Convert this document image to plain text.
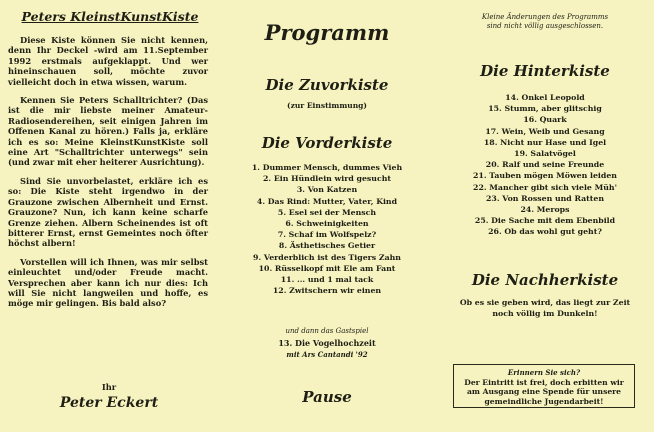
Peters KleinstKunstKiste

Diese Kiste können Sie nicht kennen, denn Ihr Deckel -wird am 11.September 1992 erstmals aufgeklappt. Und wer hineinschauen soll, möchte zuvor vielleicht doch in etwa wissen, warum.

Kennen Sie Peters Schalltrichter? (Das ist die mir liebste meiner Amateur-Radiosendereihen, seit einigen Jahren im Offenen Kanal zu hören.) Falls ja, erkläre ich es so: Meine KleinstKunstKiste soll eine Art "Schalltrichter unterwegs" sein (und zwar mit eher heiterer Ausrichtung).

Sind Sie unvorbelastet, erkläre ich es so: Die Kiste steht irgendwo in der Grauzone zwischen Albernheit und Ernst. Grauzone? Nun, ich kann keine scharfe Grenze ziehen. Albern Scheinendes ist oft bitterer Ernst, ernst Gemeintes noch öfter höchst albern!

Vorstellen will ich Ihnen, was mir selbst einleuchtet und/oder Freude macht. Versprechen aber kann ich nur dies: Ich will Sie nicht langweilen und hoffe, es möge mir gelingen. Bis bald also?

Ihr
Peter Eckert
Programm
Die Zuvorkiste
(zur Einstimmung)
Die Vorderkiste
1. Dummer Mensch, dummes Vieh
2. Ein Hündlein wird gesucht
3. Von Katzen
4. Das Rind: Mutter, Vater, Kind
5. Esel sei der Mensch
6. Schweinigkeiten
7. Schaf im Wolfspelz?
8. Ästhetisches Getier
9. Verderblich ist des Tigers Zahn
10. Rüsselkopf mit Ele am Fant
11. ... und 1 mal tack
12. Zwitschern wir einen
und dann das Gastspiel
13. Die Vogelhochzeit
mit Ars Cantandi '92
Pause
Kleine Änderungen des Programms
sind nicht völlig ausgeschlossen.
Die Hinterkiste
14. Onkel Leopold
15. Stumm, aber glitschig
16. Quark
17. Wein, Weib und Gesang
18. Nicht nur Hase und Igel
19. Salatvögel
20. Ralf und seine Freunde
21. Tauben mögen Möwen leiden
22. Mancher gibt sich viele Müh'
23. Von Rossen und Ratten
24. Merops
25. Die Sache mit dem Ebenbild
26. Ob das wohl gut geht?
Die Nachherkiste
Ob es sie geben wird, das liegt zur Zeit noch völlig im Dunkeln!
Erinnern Sie sich?
Der Eintritt ist frei, doch erbitten wir am Ausgang eine Spende für unsere gemeindliche Jugendarbeit!
